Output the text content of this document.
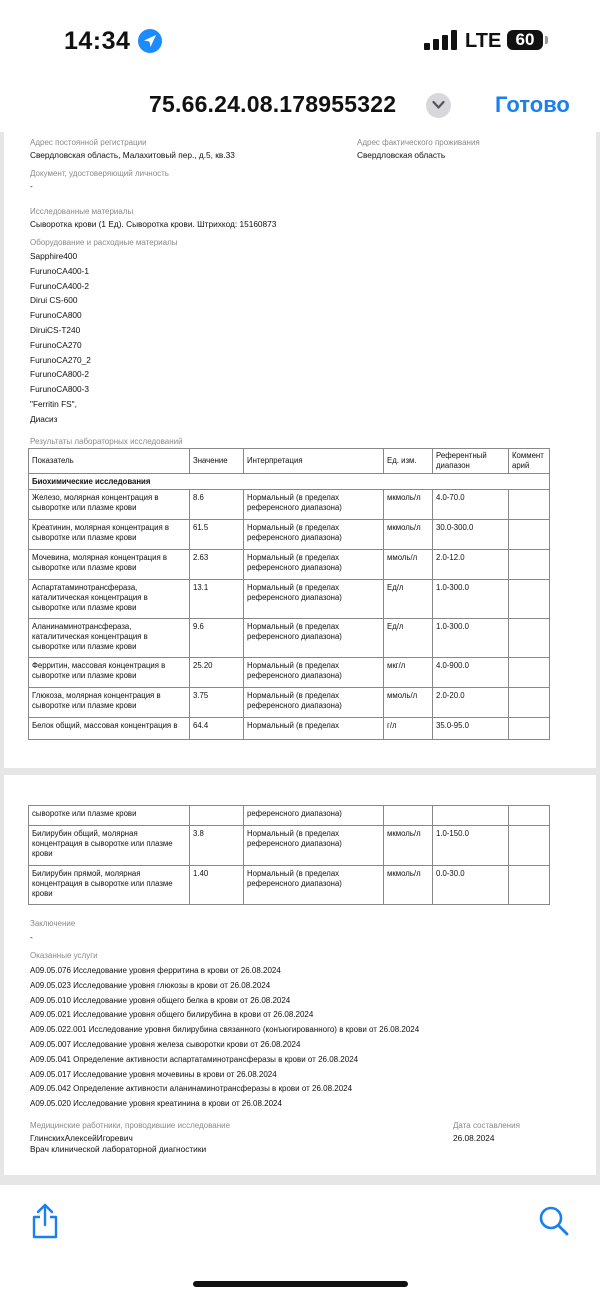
14:34	LTE 60
75.66.24.08.178955322	Готово
Адрес постоянной регистрации
Свердловская область, Малахитовый пер., д.5, кв.33
Адрес фактического проживания
Свердловская область
Документ, удостоверяющий личность
-
Исследованные материалы
Сыворотка крови (1 Ед). Сыворотка крови. Штрихкод: 15160873
Оборудование и расходные материалы
Sapphire400
FurunoCA400-1
FurunoCA400-2
Dirui CS-600
FurunoCA800
DiruiCS-T240
FurunoCA270
FurunoCA270_2
FurunoCA800-2
FurunoCA800-3
"Ferritin FS",
Диасиз
Результаты лабораторных исследований
Показатель	Значение	Интерпретация	Ед. изм.	Референтный диапазон	Коммент арий
Биохимические исследования					
Железо, молярная концентрация в сыворотке или плазме крови	8.6	Нормальный (в пределах референсного диапазона)	мкмоль/л	4.0-70.0	
Креатинин, молярная концентрация в сыворотке или плазме крови	61.5	Нормальный (в пределах референсного диапазона)	мкмоль/л	30.0-300.0	
Мочевина, молярная концентрация в сыворотке или плазме крови	2.63	Нормальный (в пределах референсного диапазона)	ммоль/л	2.0-12.0	
Аспартатаминотрансфераза, каталитическая концентрация в сыворотке или плазме крови	13.1	Нормальный (в пределах референсного диапазона)	Ед/л	1.0-300.0	
Аланинаминотрансфераза, каталитическая концентрация в сыворотке или плазме крови	9.6	Нормальный (в пределах референсного диапазона)	Ед/л	1.0-300.0	
Ферритин, массовая концентрация в сыворотке или плазме крови	25.20	Нормальный (в пределах референсного диапазона)	мкг/л	4.0-900.0	
Глюкоза, молярная концентрация в сыворотке или плазме крови	3.75	Нормальный (в пределах референсного диапазона)	ммоль/л	2.0-20.0	
Белок общий, массовая концентрация в	64.4	Нормальный (в пределах	г/л	35.0-95.0	
сыворотке или плазме крови		референсного диапазона)			
Билирубин общий, молярная концентрация в сыворотке или плазме крови	3.8	Нормальный (в пределах референсного диапазона)	мкмоль/л	1.0-150.0	
Билирубин прямой, молярная концентрация в сыворотке или плазме крови	1.40	Нормальный (в пределах референсного диапазона)	мкмоль/л	0.0-30.0	
Заключение
-
Оказанные услуги
A09.05.076 Исследование уровня ферритина в крови от 26.08.2024
A09.05.023 Исследование уровня глюкозы в крови от 26.08.2024
A09.05.010 Исследование уровня общего белка в крови от 26.08.2024
A09.05.021 Исследование уровня общего билирубина в крови от 26.08.2024
A09.05.022.001 Исследование уровня билирубина связанного (конъюгированного) в крови от 26.08.2024
A09.05.007 Исследование уровня железа сыворотки крови от 26.08.2024
A09.05.041 Определение активности аспартатаминотрансферазы в крови от 26.08.2024
A09.05.017 Исследование уровня мочевины в крови от 26.08.2024
A09.05.042 Определение активности аланинаминотрансферазы в крови от 26.08.2024
A09.05.020 Исследование уровня креатинина в крови от 26.08.2024
Медицинские работники, проводившие исследование
ГлинскихАлексейИгоревич
Врач клинической лабораторной диагностики
Дата составления
26.08.2024
